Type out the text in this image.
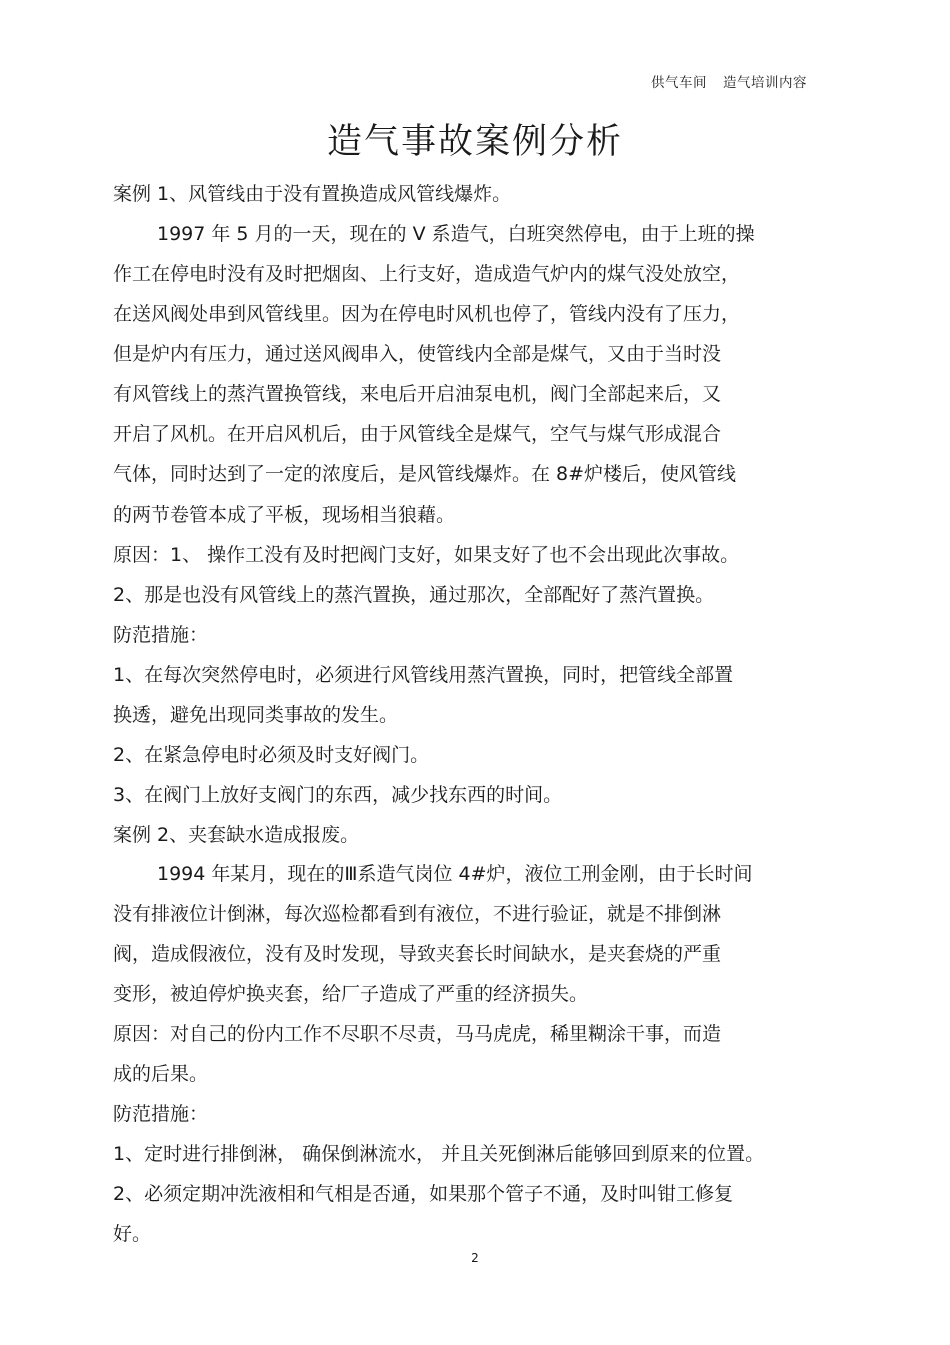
供气车间 造气培训内容
造气事故案例分析
案例 1、风管线由于没有置换造成风管线爆炸。
1997 年 5 月的一天，现在的 V 系造气，白班突然停电，由于上班的操
作工在停电时没有及时把烟囱、上行支好，造成造气炉内的煤气没处放空，
在送风阀处串到风管线里。因为在停电时风机也停了，管线内没有了压力，
但是炉内有压力，通过送风阀串入，使管线内全部是煤气，又由于当时没
有风管线上的蒸汽置换管线，来电后开启油泵电机，阀门全部起来后，又
开启了风机。在开启风机后，由于风管线全是煤气，空气与煤气形成混合
气体，同时达到了一定的浓度后，是风管线爆炸。在 8#炉楼后，使风管线
的两节卷管本成了平板，现场相当狼藉。
原因：1、 操作工没有及时把阀门支好，如果支好了也不会出现此次事故。
2、那是也没有风管线上的蒸汽置换，通过那次，全部配好了蒸汽置换。
防范措施：
1、在每次突然停电时，必须进行风管线用蒸汽置换，同时，把管线全部置
换透，避免出现同类事故的发生。
2、在紧急停电时必须及时支好阀门。
3、在阀门上放好支阀门的东西，减少找东西的时间。
案例 2、夹套缺水造成报废。
1994 年某月，现在的Ⅲ系造气岗位 4#炉，液位工刑金刚，由于长时间
没有排液位计倒淋，每次巡检都看到有液位，不进行验证，就是不排倒淋
阀，造成假液位，没有及时发现，导致夹套长时间缺水，是夹套烧的严重
变形，被迫停炉换夹套，给厂子造成了严重的经济损失。
原因：对自己的份内工作不尽职不尽责，马马虎虎，稀里糊涂干事，而造
成的后果。
防范措施：
1、定时进行排倒淋， 确保倒淋流水， 并且关死倒淋后能够回到原来的位置。
2、必须定期冲洗液相和气相是否通，如果那个管子不通，及时叫钳工修复
好。
2
